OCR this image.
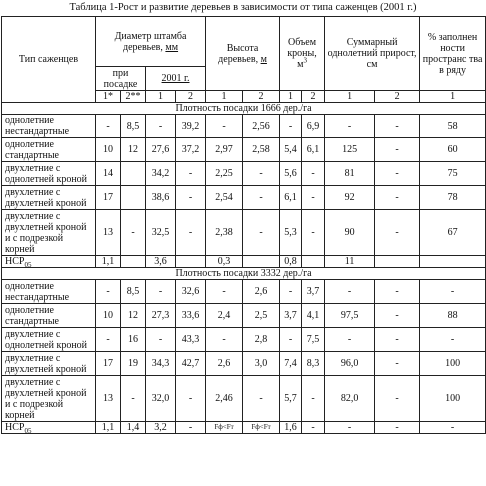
Таблица 1-Рост и развитие деревьев в зависимости от типа саженцев (2001 г.)
Тип саженцев	Диаметр штамба деревьев, мм				Высота деревьев, м		Объем кроны, $м^3$		Суммарный однолетний прирост, см		% заполнен ности пространс тва в ряду
	при посадке		2001 г.								
	1*	2**	1	2	1	2	1	2	1	2	1
Плотность посадки 1666 дер./га											
однолетние нестандартные	-	8,5	-	39,2	-	2,56	-	6,9	-	-	58
однолетние стандартные	10	12	27,6	37,2	2,97	2,58	5,4	6,1	125	-	60
двухлетние с однолетней кроной	14		34,2	-	2,25	-	5,6	-	81	-	75
двухлетние с двухлетней кроной	17		38,6	-	2,54	-	6,1	-	92	-	78
двухлетние с двухлетней кроной и с подрезкой корней	13	-	32,5	-	2,38	-	5,3	-	90	-	67
$НСР_{05}$	1,1		3,6		0,3		0,8		11		
Плотность посадки 3332 дер./га											
однолетние нестандартные	-	8,5	-	32,6	-	2,6	-	3,7	-	-	-
однолетние стандартные	10	12	27,3	33,6	2,4	2,5	3,7	4,1	97,5	-	88
двухлетние с однолетней кроной	-	16	-	43,3	-	2,8	-	7,5	-	-	-
двухлетние с двухлетней кроной	17	19	34,3	42,7	2,6	3,0	7,4	8,3	96,0	-	100
двухлетние с двухлетней кроной и с подрезкой корней	13	-	32,0	-	2,46	-	5,7	-	82,0	-	100
$НСР_{05}$	1,1	1,4	3,2	-	Fф<Fт	Fф<Fт	1,6	-	-	-	-
